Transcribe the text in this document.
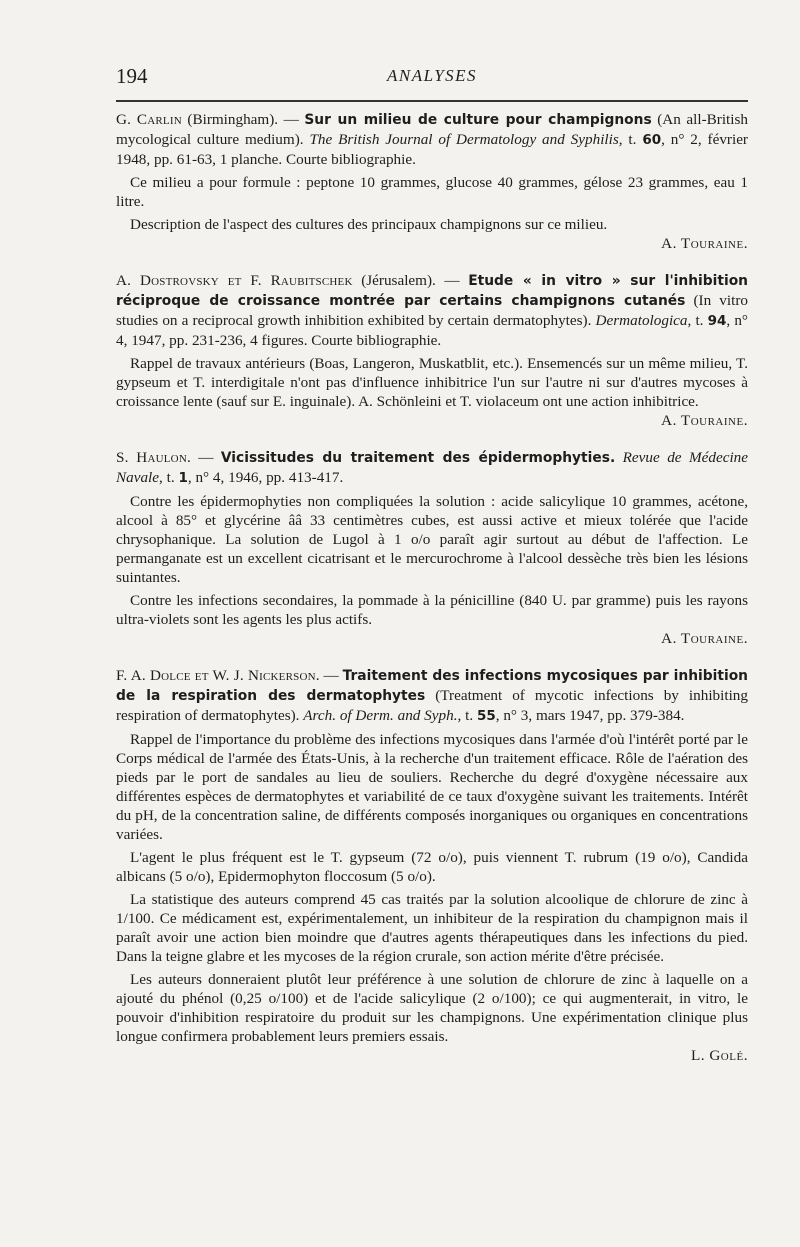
194	ANALYSES

G. Carlin (Birmingham). — Sur un milieu de culture pour champignons (An all-British mycological culture medium). The British Journal of Dermatology and Syphilis, t. 60, n° 2, février 1948, pp. 61-63, 1 planche. Courte bibliographie.

Ce milieu a pour formule : peptone 10 grammes, glucose 40 grammes, gélose 23 grammes, eau 1 litre.

Description de l'aspect des cultures des principaux champignons sur ce milieu.

A. Touraine.

A. Dostrovsky et F. Raubitschek (Jérusalem). — Etude « in vitro » sur l'inhibition réciproque de croissance montrée par certains champignons cutanés (In vitro studies on a reciprocal growth inhibition exhibited by certain dermatophytes). Dermatologica, t. 94, n° 4, 1947, pp. 231-236, 4 figures. Courte bibliographie.

Rappel de travaux antérieurs (Boas, Langeron, Muskatblit, etc.). Ensemencés sur un même milieu, T. gypseum et T. interdigitale n'ont pas d'influence inhibitrice l'un sur l'autre ni sur d'autres mycoses à croissance lente (sauf sur E. inguinale). A. Schönleini et T. violaceum ont une action inhibitrice.

A. Touraine.

S. Haulon. — Vicissitudes du traitement des épidermophyties. Revue de Médecine Navale, t. 1, n° 4, 1946, pp. 413-417.

Contre les épidermophyties non compliquées la solution : acide salicylique 10 grammes, acétone, alcool à 85° et glycérine ââ 33 centimètres cubes, est aussi active et mieux tolérée que l'acide chrysophanique. La solution de Lugol à 1 o/o paraît agir surtout au début de l'affection. Le permanganate est un excellent cicatrisant et le mercurochrome à l'alcool dessèche très bien les lésions suintantes.

Contre les infections secondaires, la pommade à la pénicilline (840 U. par gramme) puis les rayons ultra-violets sont les agents les plus actifs.

A. Touraine.

F. A. Dolce et W. J. Nickerson. — Traitement des infections mycosiques par inhibition de la respiration des dermatophytes (Treatment of mycotic infections by inhibiting respiration of dermatophytes). Arch. of Derm. and Syph., t. 55, n° 3, mars 1947, pp. 379-384.

Rappel de l'importance du problème des infections mycosiques dans l'armée d'où l'intérêt porté par le Corps médical de l'armée des États-Unis, à la recherche d'un traitement efficace. Rôle de l'aération des pieds par le port de sandales au lieu de souliers. Recherche du degré d'oxygène nécessaire aux différentes espèces de dermatophytes et variabilité de ce taux d'oxygène suivant les traitements. Intérêt du pH, de la concentration saline, de différents composés inorganiques ou organiques en concentrations variées.

L'agent le plus fréquent est le T. gypseum (72 o/o), puis viennent T. rubrum (19 o/o), Candida albicans (5 o/o), Epidermophyton floccosum (5 o/o).

La statistique des auteurs comprend 45 cas traités par la solution alcoolique de chlorure de zinc à 1/100. Ce médicament est, expérimentalement, un inhibiteur de la respiration du champignon mais il paraît avoir une action bien moindre que d'autres agents thérapeutiques dans les infections du pied. Dans la teigne glabre et les mycoses de la région crurale, son action mérite d'être précisée.

Les auteurs donneraient plutôt leur préférence à une solution de chlorure de zinc à laquelle on a ajouté du phénol (0,25 o/100) et de l'acide salicylique (2 o/100); ce qui augmenterait, in vitro, le pouvoir d'inhibition respiratoire du produit sur les champignons. Une expérimentation clinique plus longue confirmera probablement leurs premiers essais.

L. Golé.
